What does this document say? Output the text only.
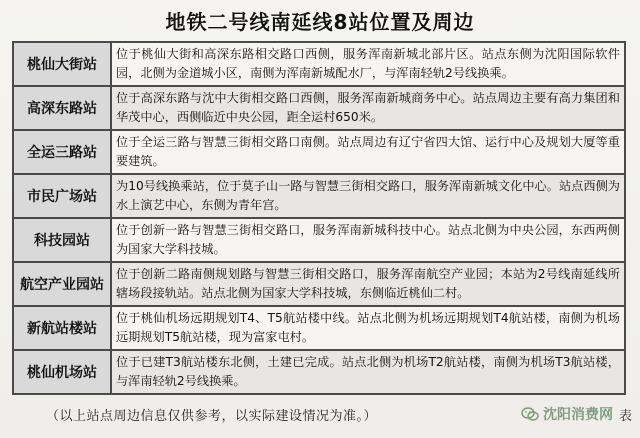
地铁二号线南延线8站位置及周边
桃仙大街站	位于桃仙大街和高深东路相交路口西侧，服务浑南新城北部片区。站点东侧为沈阳国际软件园，北侧为金道城小区，南侧为浑南新城配水厂，与浑南轻轨2号线换乘。
高深东路站	位于高深东路与沈中大街相交路口西侧，服务浑南新城商务中心。站点周边主要有高力集团和华茂中心，西侧临近中央公园，距全运村650米。
全运三路站	位于全运三路与智慧三街相交路口南侧。站点周边有辽宁省四大馆、运行中心及规划大厦等重要建筑。
市民广场站	为10号线换乘站，位于莫子山一路与智慧三街相交路口，服务浑南新城文化中心。站点西侧为水上演艺中心，东侧为青年宫。
科技园站	位于创新一路与智慧三街相交路口，服务浑南新城科技中心。站点北侧为中央公园，东西两侧为国家大学科技城。
航空产业园站	位于创新二路南侧规划路与智慧三街相交路口，服务浑南航空产业园；本站为2号线南延线所辖场段接轨站。站点北侧为国家大学科技城，东侧临近桃仙二村。
新航站楼站	位于桃仙机场远期规划T4、T5航站楼中线。站点北侧为机场远期规划T4航站楼，南侧为机场远期规划T5航站楼，现为富家屯村。
桃仙机场站	位于已建T3航站楼东北侧，土建已完成。站点北侧为机场T2航站楼，南侧为机场T3航站楼，与浑南轻轨2号线换乘。
（以上站点周边信息仅供参考，以实际建设情况为准。）	沈阳消费网 表
